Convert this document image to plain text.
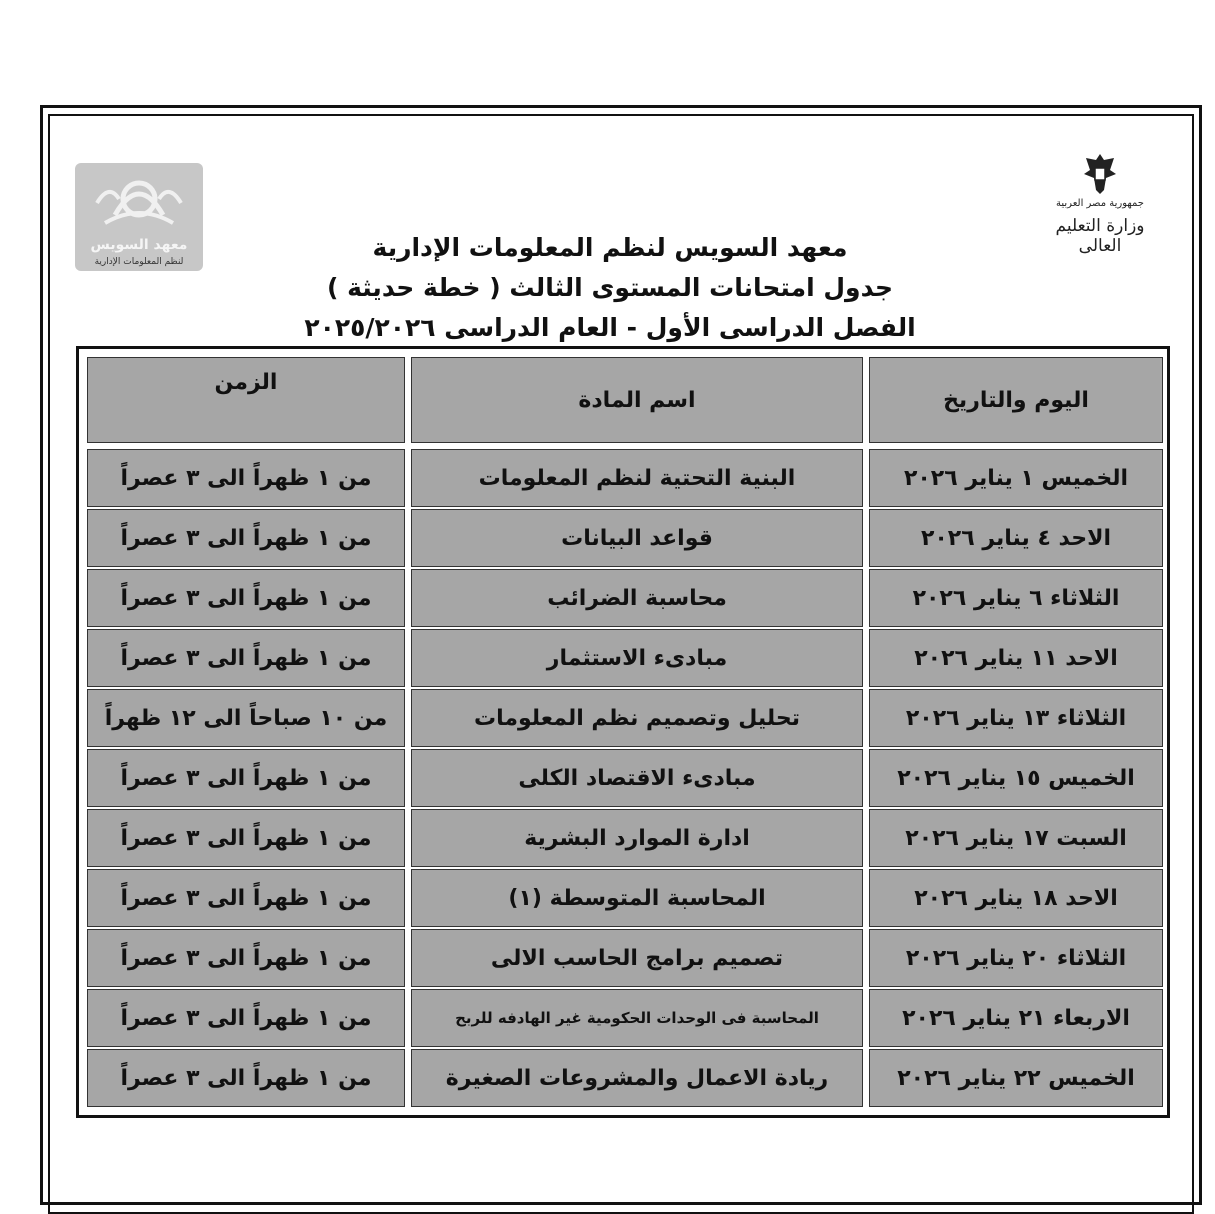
معهد السويس
لنظم المعلومات الإدارية
جمهورية مصر العربية
وزارة التعليم العالى
معهد السويس لنظم المعلومات الإدارية
جدول امتحانات المستوى الثالث ( خطة حديثة )
الفصل الدراسى الأول - العام الدراسى ٢٠٢٥/٢٠٢٦
اليوم والتاريخ
اسم المادة
الزمن
الخميس ١ يناير ٢٠٢٦
البنية التحتية لنظم المعلومات
من ١ ظهراً الى ٣ عصراً
الاحد ٤ يناير ٢٠٢٦
قواعد البيانات
من ١ ظهراً الى ٣ عصراً
الثلاثاء ٦ يناير ٢٠٢٦
محاسبة الضرائب
من ١ ظهراً الى ٣ عصراً
الاحد ١١ يناير ٢٠٢٦
مبادىء الاستثمار
من ١ ظهراً الى ٣ عصراً
الثلاثاء ١٣ يناير ٢٠٢٦
تحليل وتصميم نظم المعلومات
من ١٠ صباحاً الى ١٢ ظهراً
الخميس ١٥ يناير ٢٠٢٦
مبادىء الاقتصاد الكلى
من ١ ظهراً الى ٣ عصراً
السبت ١٧ يناير ٢٠٢٦
ادارة الموارد البشرية
من ١ ظهراً الى ٣ عصراً
الاحد ١٨ يناير ٢٠٢٦
المحاسبة المتوسطة (١)
من ١ ظهراً الى ٣ عصراً
الثلاثاء ٢٠ يناير ٢٠٢٦
تصميم برامج الحاسب الالى
من ١ ظهراً الى ٣ عصراً
الاربعاء ٢١ يناير ٢٠٢٦
المحاسبة فى الوحدات الحكومية غير الهادفه للربح
من ١ ظهراً الى ٣ عصراً
الخميس ٢٢ يناير ٢٠٢٦
ريادة الاعمال والمشروعات الصغيرة
من ١ ظهراً الى ٣ عصراً
